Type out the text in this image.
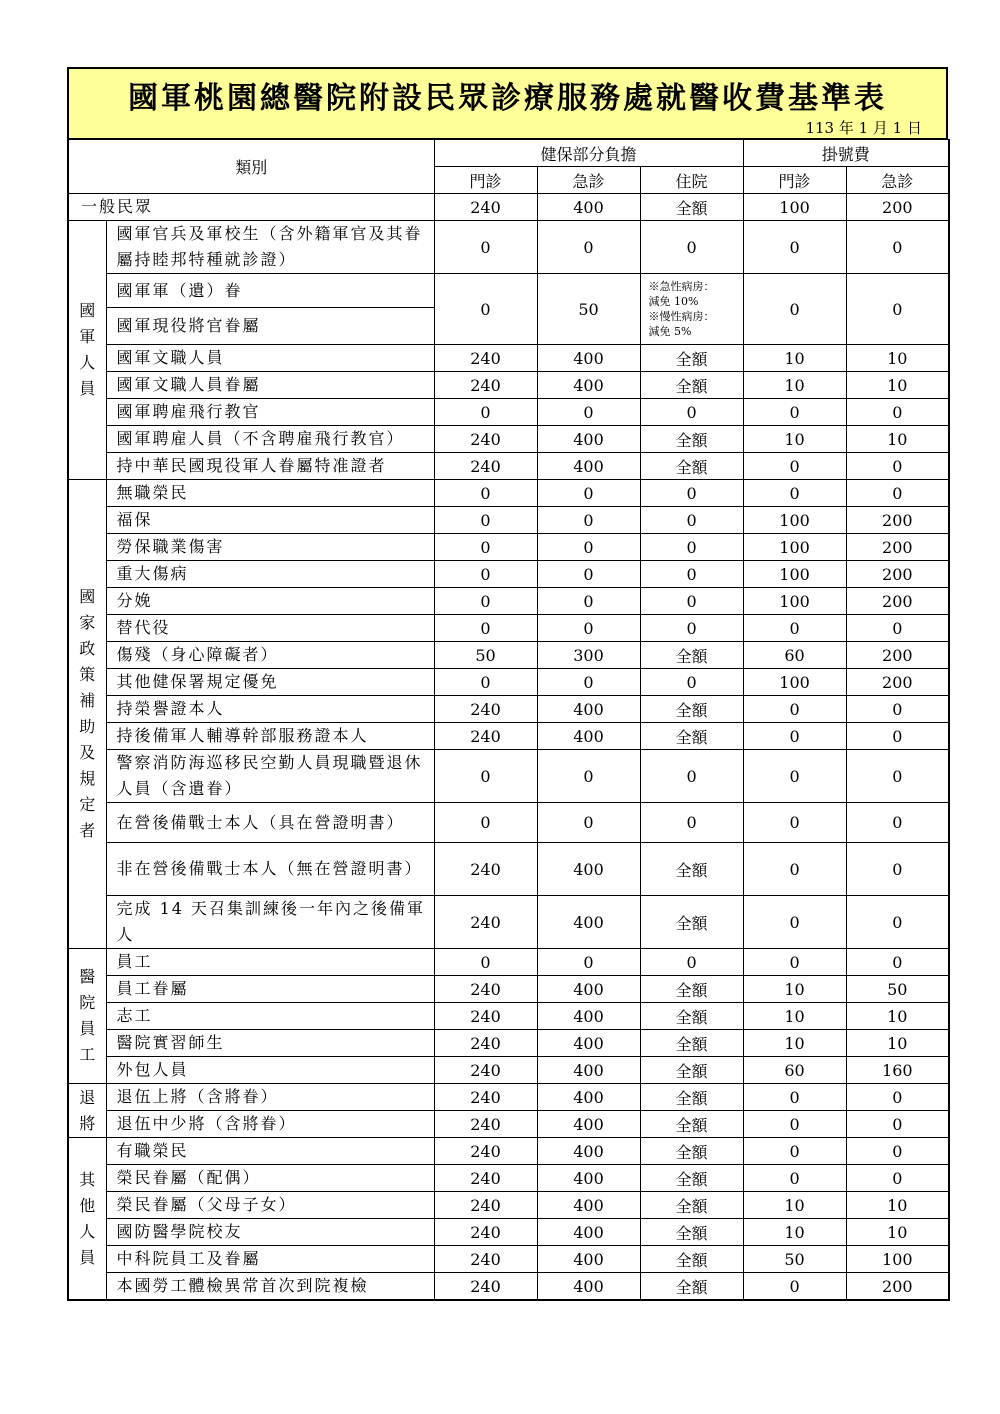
國軍桃園總醫院附設民眾診療服務處就醫收費基準表
113 年 1 月 1 日
類別		健保部分負擔			掛號費	
		門診	急診	住院	門診	急診
一般民眾		240	400	全額	100	200
國軍人員	國軍官兵及軍校生（含外籍軍官及其眷屬持睦邦特種就診證）	0	0	0	0	0
	國軍軍（遺）眷	0	50	※急性病房：
減免 10%
※慢性病房：
減免 5%	0	0
	國軍現役將官眷屬					
	國軍文職人員	240	400	全額	10	10
	國軍文職人員眷屬	240	400	全額	10	10
	國軍聘雇飛行教官	0	0	0	0	0
	國軍聘雇人員（不含聘雇飛行教官）	240	400	全額	10	10
	持中華民國現役軍人眷屬特准證者	240	400	全額	0	0
國家政策補助及規定者	無職榮民	0	0	0	0	0
	福保	0	0	0	100	200
	勞保職業傷害	0	0	0	100	200
	重大傷病	0	0	0	100	200
	分娩	0	0	0	100	200
	替代役	0	0	0	0	0
	傷殘（身心障礙者）	50	300	全額	60	200
	其他健保署規定優免	0	0	0	100	200
	持榮譽證本人	240	400	全額	0	0
	持後備軍人輔導幹部服務證本人	240	400	全額	0	0
	警察消防海巡移民空勤人員現職暨退休人員（含遺眷）	0	0	0	0	0
	在營後備戰士本人（具在營證明書）	0	0	0	0	0
	非在營後備戰士本人（無在營證明書）	240	400	全額	0	0
	完成 14 天召集訓練後一年內之後備軍人	240	400	全額	0	0
醫院員工	員工	0	0	0	0	0
	員工眷屬	240	400	全額	10	50
	志工	240	400	全額	10	10
	醫院實習師生	240	400	全額	10	10
	外包人員	240	400	全額	60	160
退將	退伍上將（含將眷）	240	400	全額	0	0
	退伍中少將（含將眷）	240	400	全額	0	0
其他人員	有職榮民	240	400	全額	0	0
	榮民眷屬（配偶）	240	400	全額	0	0
	榮民眷屬（父母子女）	240	400	全額	10	10
	國防醫學院校友	240	400	全額	10	10
	中科院員工及眷屬	240	400	全額	50	100
	本國勞工體檢異常首次到院複檢	240	400	全額	0	200
